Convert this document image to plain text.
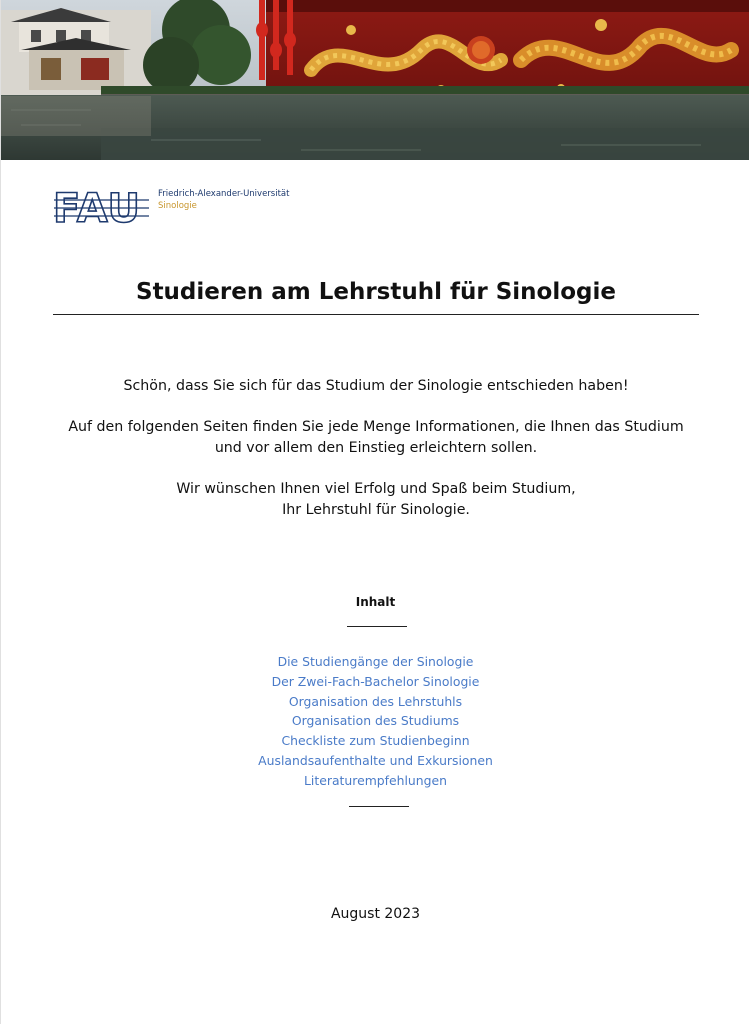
FAU Friedrich-Alexander-Universität
Sinologie
Studieren am Lehrstuhl für Sinologie
Schön, dass Sie sich für das Studium der Sinologie entschieden haben!
Auf den folgenden Seiten finden Sie jede Menge Informationen, die Ihnen das Studium
und vor allem den Einstieg erleichtern sollen.
Wir wünschen Ihnen viel Erfolg und Spaß beim Studium,
Ihr Lehrstuhl für Sinologie.
Inhalt
Die Studiengänge der Sinologie
Der Zwei-Fach-Bachelor Sinologie
Organisation des Lehrstuhls
Organisation des Studiums
Checkliste zum Studienbeginn
Auslandsaufenthalte und Exkursionen
Literaturempfehlungen
August 2023
